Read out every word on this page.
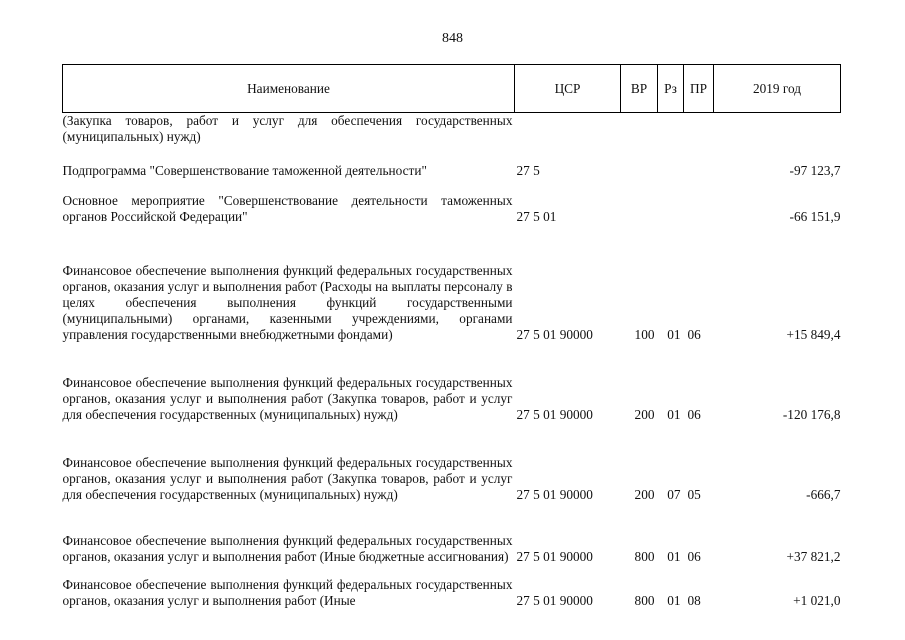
848
Наименование	ЦСР	ВР	Рз	ПР	2019 год
(Закупка товаров, работ и услуг для обеспечения государственных (муниципальных) нужд)					
Подпрограмма "Совершенствование таможенной деятельности"	27 5				-97 123,7
Основное мероприятие "Совершенствование деятельности таможенных органов Российской Федерации"	27 5 01				-66 151,9
Финансовое обеспечение выполнения функций федеральных государственных органов, оказания услуг и выполнения работ (Расходы на выплаты персоналу в целях обеспечения выполнения функций государственными (муниципальными) органами, казенными учреждениями, органами управления государственными внебюджетными фондами)	27 5 01 90000	100	01	06	+15 849,4
Финансовое обеспечение выполнения функций федеральных государственных органов, оказания услуг и выполнения работ (Закупка товаров, работ и услуг для обеспечения государственных (муниципальных) нужд)	27 5 01 90000	200	01	06	-120 176,8
Финансовое обеспечение выполнения функций федеральных государственных органов, оказания услуг и выполнения работ (Закупка товаров, работ и услуг для обеспечения государственных (муниципальных) нужд)	27 5 01 90000	200	07	05	-666,7
Финансовое обеспечение выполнения функций федеральных государственных органов, оказания услуг и выполнения работ (Иные бюджетные ассигнования)	27 5 01 90000	800	01	06	+37 821,2
Финансовое обеспечение выполнения функций федеральных государственных органов, оказания услуг и выполнения работ (Иные	27 5 01 90000	800	01	08	+1 021,0
